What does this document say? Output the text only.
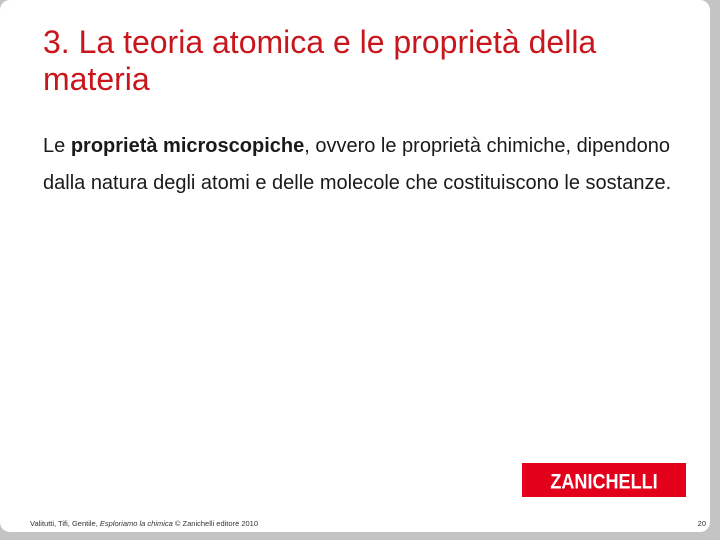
3. La teoria atomica e le proprietà della materia

Le proprietà microscopiche, ovvero le proprietà chimiche, dipendono dalla natura degli atomi e delle molecole che costituiscono le sostanze.

ZANICHELLI
Valitutti, Tifi, Gentile, Esploriamo la chimica © Zanichelli editore 2010	20
